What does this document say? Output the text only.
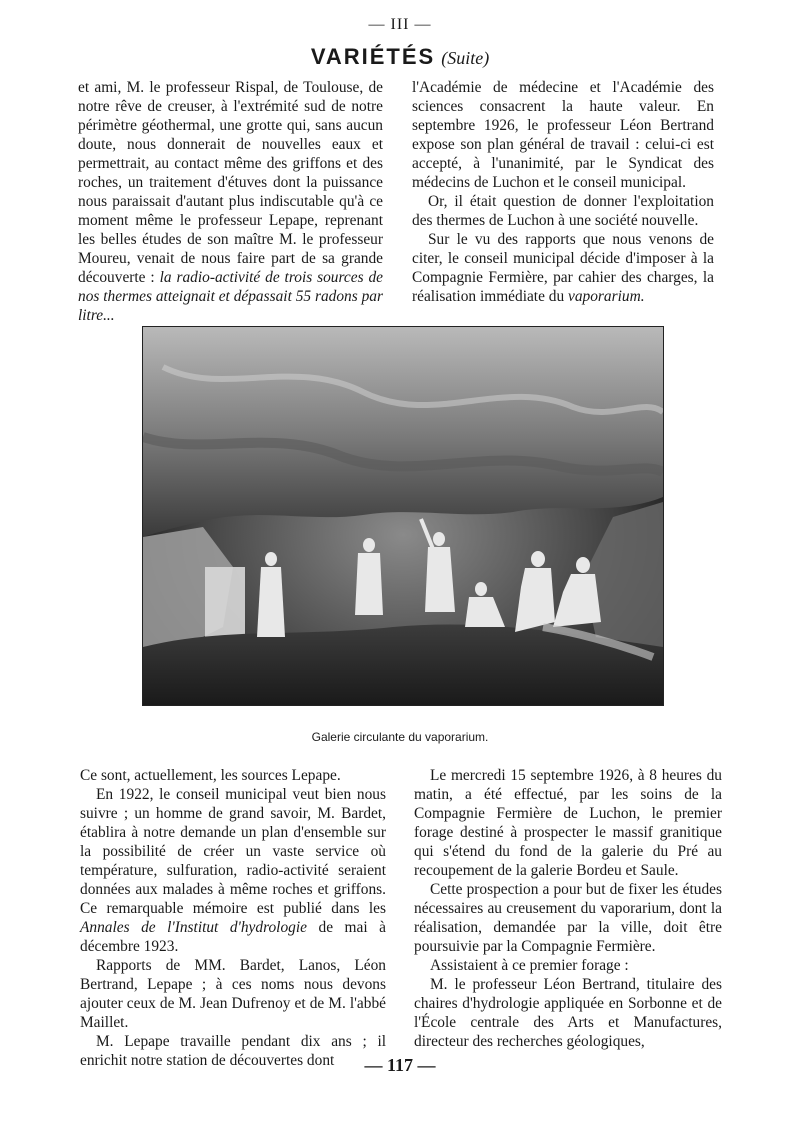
— III —
VARIÉTÉS (Suite)

et ami, M. le professeur Rispal, de Toulouse, de notre rêve de creuser, à l'extrémité sud de notre périmètre géothermal, une grotte qui, sans aucun doute, nous donnerait de nouvelles eaux et permettrait, au contact même des griffons et des roches, un traitement d'étuves dont la puissance nous paraissait d'autant plus indiscutable qu'à ce moment même le professeur Lepape, reprenant les belles études de son maître M. le professeur Moureu, venait de nous faire part de sa grande découverte : la radio-activité de trois sources de nos thermes atteignait et dépassait 55 radons par litre...

l'Académie de médecine et l'Académie des sciences consacrent la haute valeur. En septembre 1926, le professeur Léon Bertrand expose son plan général de travail : celui-ci est accepté, à l'unanimité, par le Syndicat des médecins de Luchon et le conseil municipal.

Or, il était question de donner l'exploitation des thermes de Luchon à une société nouvelle.

Sur le vu des rapports que nous venons de citer, le conseil municipal décide d'imposer à la Compagnie Fermière, par cahier des charges, la réalisation immédiate du vaporarium.

Galerie circulante du vaporarium.

Ce sont, actuellement, les sources Lepape.

En 1922, le conseil municipal veut bien nous suivre ; un homme de grand savoir, M. Bardet, établira à notre demande un plan d'ensemble sur la possibilité de créer un vaste service où température, sulfuration, radio-activité seraient données aux malades à même roches et griffons. Ce remarquable mémoire est publié dans les Annales de l'Institut d'hydrologie de mai à décembre 1923.

Rapports de MM. Bardet, Lanos, Léon Bertrand, Lepape ; à ces noms nous devons ajouter ceux de M. Jean Dufrenoy et de M. l'abbé Maillet.

M. Lepape travaille pendant dix ans ; il enrichit notre station de découvertes dont

Le mercredi 15 septembre 1926, à 8 heures du matin, a été effectué, par les soins de la Compagnie Fermière de Luchon, le premier forage destiné à prospecter le massif granitique qui s'étend du fond de la galerie du Pré au recoupement de la galerie Bordeu et Saule.

Cette prospection a pour but de fixer les études nécessaires au creusement du vaporarium, dont la réalisation, demandée par la ville, doit être poursuivie par la Compagnie Fermière.

Assistaient à ce premier forage :

M. le professeur Léon Bertrand, titulaire des chaires d'hydrologie appliquée en Sorbonne et de l'École centrale des Arts et Manufactures, directeur des recherches géologiques,

— 117 —
